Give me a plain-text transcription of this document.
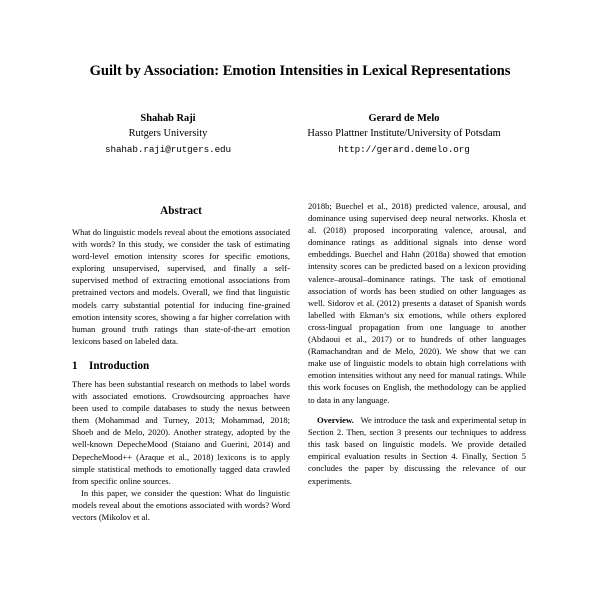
Guilt by Association: Emotion Intensities in Lexical Representations
Shahab Raji
Rutgers University
shahab.raji@rutgers.edu
Gerard de Melo
Hasso Plattner Institute/University of Potsdam
http://gerard.demelo.org
Abstract

What do linguistic models reveal about the emotions associated with words? In this study, we consider the task of estimating word-level emotion intensity scores for specific emotions, exploring unsupervised, supervised, and finally a self-supervised method of extracting emotional associations from pretrained vectors and models. Overall, we find that linguistic models carry substantial potential for inducing fine-grained emotion intensity scores, showing a far higher correlation with human ground truth ratings than state-of-the-art emotion lexicons based on labeled data.

1	Introduction

There has been substantial research on methods to label words with associated emotions. Crowdsourcing approaches have been used to compile databases to study the nexus between them (Mohammad and Turney, 2013; Mohammad, 2018; Shoeb and de Melo, 2020). Another strategy, adopted by the well-known DepecheMood (Staiano and Guerini, 2014) and DepecheMood++ (Araque et al., 2018) lexicons is to apply simple statistical methods to emotionally tagged data crawled from specific online sources.

In this paper, we consider the question: What do linguistic models reveal about the emotions associated with words? Word vectors (Mikolov et al.

2018b; Buechel et al., 2018) predicted valence, arousal, and dominance using supervised deep neural networks. Khosla et al. (2018) proposed incorporating valence, arousal, and dominance ratings as additional signals into dense word embeddings. Buechel and Hahn (2018a) showed that emotion intensity scores can be predicted based on a lexicon providing valence–arousal–dominance ratings. The task of emotional association of words has been studied on other languages as well. Sidorov et al. (2012) presents a dataset of Spanish words labelled with Ekman’s six emotions, while others explored cross-lingual propagation from one language to another (Abdaoui et al., 2017) or to hundreds of other languages (Ramachandran and de Melo, 2020). We show that we can make use of linguistic models to obtain high correlations with emotion intensities without any need for manual ratings. While this work focuses on English, the methodology can be applied to data in any language.

Overview. We introduce the task and experimental setup in Section 2. Then, section 3 presents our techniques to address this task based on linguistic models. We provide detailed empirical evaluation results in Section 4. Finally, Section 5 concludes the paper by discussing the relevance of our experiments.
